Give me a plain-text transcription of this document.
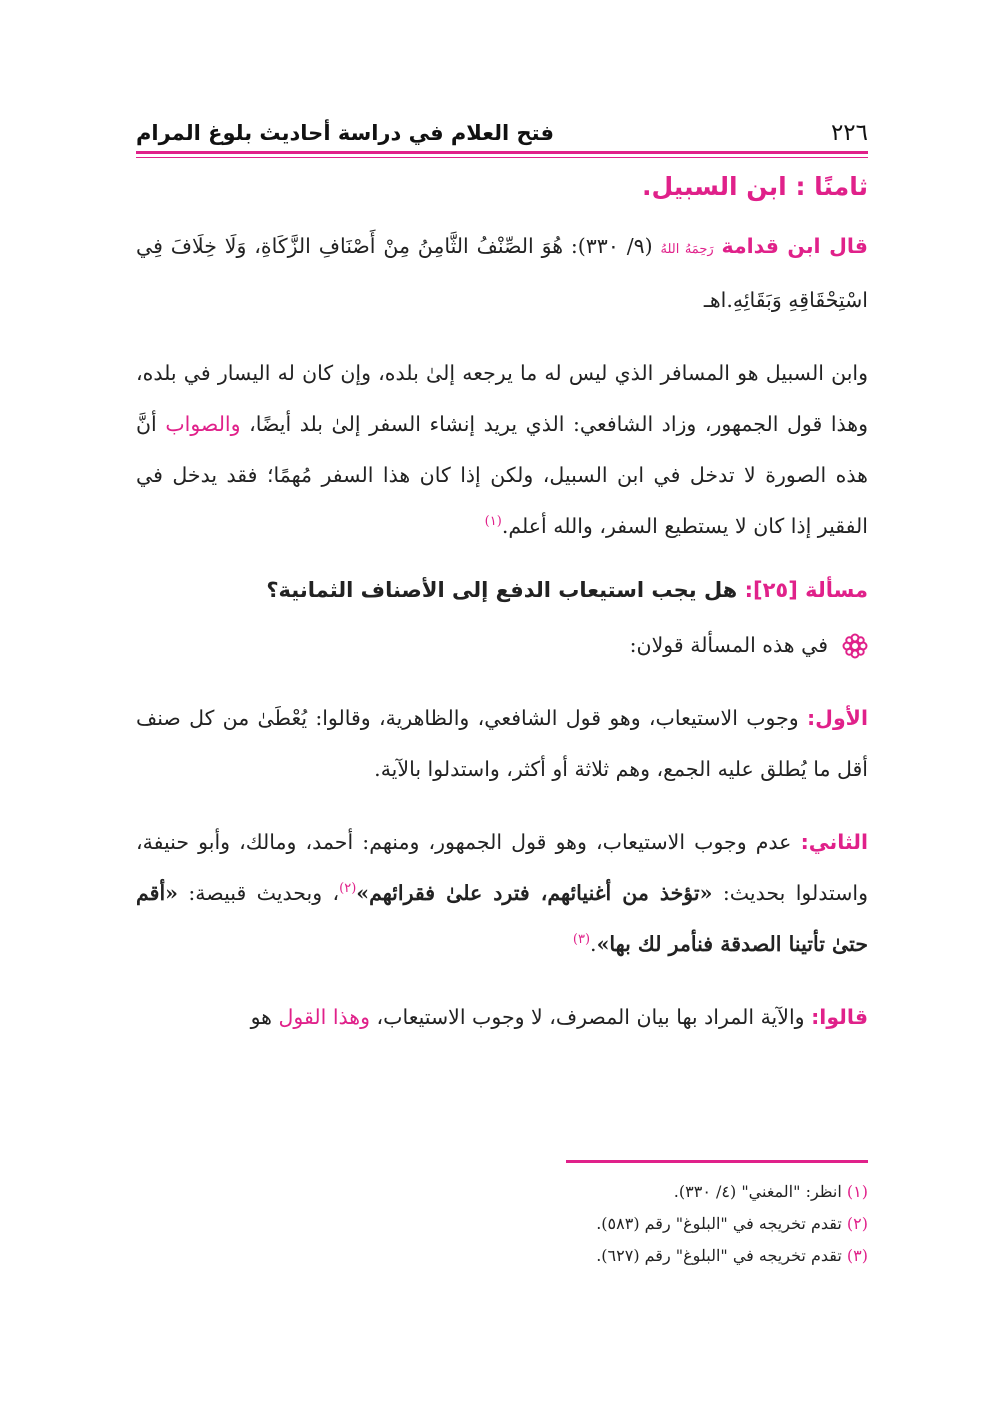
٢٢٦
فتح العلام في دراسة أحاديث بلوغ المرام
ثامنًا : ابن السبيل.

قال ابن قدامة رَحِمَهُ اللهُ (٩/ ٣٣٠): هُوَ الصِّنْفُ الثَّامِنُ مِنْ أَصْنَافِ الزَّكَاةِ، وَلَا خِلَافَ فِي اسْتِحْقَاقِهِ وَبَقَائِهِ.اهـ

وابن السبيل هو المسافر الذي ليس له ما يرجعه إلىٰ بلده، وإن كان له اليسار في بلده، وهذا قول الجمهور، وزاد الشافعي: الذي يريد إنشاء السفر إلىٰ بلد أيضًا، والصواب أنَّ هذه الصورة لا تدخل في ابن السبيل، ولكن إذا كان هذا السفر مُهمًا؛ فقد يدخل في الفقير إذا كان لا يستطيع السفر، والله أعلم.$^{(١)}$

مسألة [٢٥]: هل يجب استيعاب الدفع إلى الأصناف الثمانية؟

في هذه المسألة قولان:

الأول: وجوب الاستيعاب، وهو قول الشافعي، والظاهرية، وقالوا: يُعْطَىٰ من كل صنف أقل ما يُطلق عليه الجمع، وهم ثلاثة أو أكثر، واستدلوا بالآية.

الثاني: عدم وجوب الاستيعاب، وهو قول الجمهور، ومنهم: أحمد، ومالك، وأبو حنيفة، واستدلوا بحديث: «تؤخذ من أغنيائهم، فترد علىٰ فقرائهم»$^{(٢)}$، وبحديث قبيصة: «أقم حتىٰ تأتينا الصدقة فنأمر لك بها».$^{(٣)}$

قالوا: والآية المراد بها بيان المصرف، لا وجوب الاستيعاب، وهذا القول هو

(١) انظر: "المغني" (٤/ ٣٣٠).
(٢) تقدم تخريجه في "البلوغ" رقم (٥٨٣).
(٣) تقدم تخريجه في "البلوغ" رقم (٦٢٧).
